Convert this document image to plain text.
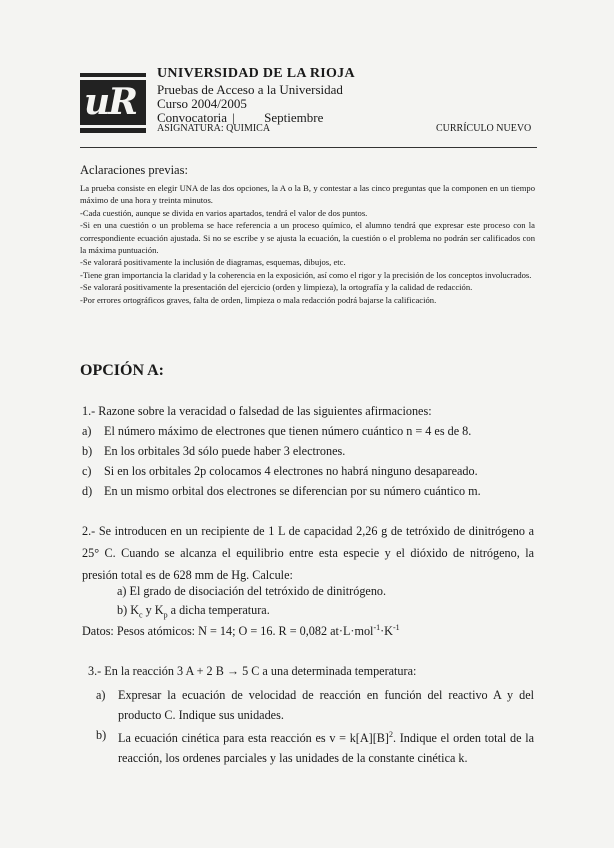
uR
UNIVERSIDAD DE LA RIOJA
Pruebas de Acceso a la Universidad
Curso 2004/2005
Convocatoria | Septiembre
ASIGNATURA: QUIMICA	CURRÍCULO NUEVO
Aclaraciones previas:

La prueba consiste en elegir UNA de las dos opciones, la A o la B, y contestar a las cinco preguntas que la componen en un tiempo máximo de una hora y treinta minutos.

-Cada cuestión, aunque se divida en varios apartados, tendrá el valor de dos puntos.

-Si en una cuestión o un problema se hace referencia a un proceso químico, el alumno tendrá que expresar este proceso con la correspondiente ecuación ajustada. Si no se escribe y se ajusta la ecuación, la cuestión o el problema no podrán ser calificados con la máxima puntuación.

-Se valorará positivamente la inclusión de diagramas, esquemas, dibujos, etc.

-Tiene gran importancia la claridad y la coherencia en la exposición, así como el rigor y la precisión de los conceptos involucrados.

-Se valorará positivamente la presentación del ejercicio (orden y limpieza), la ortografía y la calidad de redacción.

-Por errores ortográficos graves, falta de orden, limpieza o mala redacción podrá bajarse la calificación.

OPCIÓN A:
1.- Razone sobre la veracidad o falsedad de las siguientes afirmaciones:
a) El número máximo de electrones que tienen número cuántico n = 4 es de 8.
b) En los orbitales 3d sólo puede haber 3 electrones.
c) Si en los orbitales 2p colocamos 4 electrones no habrá ninguno desapareado.
d) En un mismo orbital dos electrones se diferencian por su número cuántico m.
2.- Se introducen en un recipiente de 1 L de capacidad 2,26 g de tetróxido de dinitrógeno a 25° C. Cuando se alcanza el equilibrio entre esta especie y el dióxido de nitrógeno, la presión total es de 628 mm de Hg. Calcule:
a) El grado de disociación del tetróxido de dinitrógeno.
b) $K_c$ y $K_p$ a dicha temperatura.
Datos: Pesos atómicos: N = 14; O = 16. R = 0,082 $at\cdot L\cdot mol^{-1}\cdot K^{-1}$
3.- En la reacción 3 A + 2 B → 5 C a una determinada temperatura:
a)	Expresar la ecuación de velocidad de reacción en función del reactivo A y del producto C. Indique sus unidades.
b) La ecuación cinética para esta reacción es $v = k[A][B]^2$. Indique el orden total de la reacción, los ordenes parciales y las unidades de la constante cinética k.
